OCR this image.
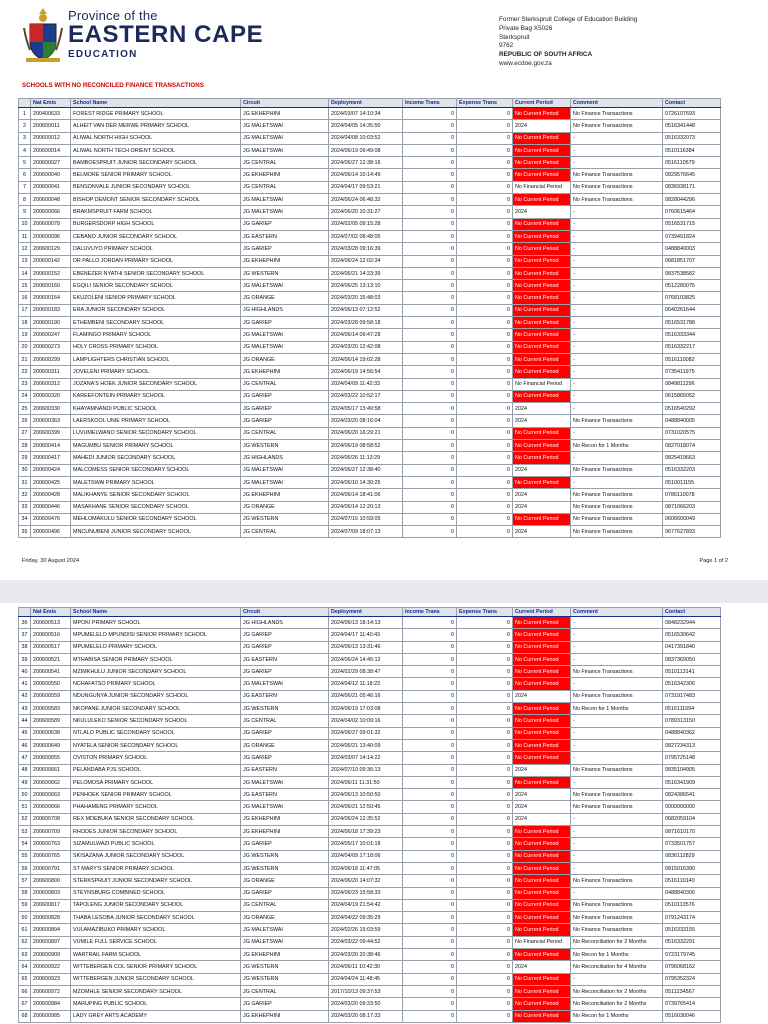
Province of the
EASTERN CAPE
EDUCATION
Former Sterkspruit College of Education Building
Private Bag X5026
Sterkspruit
9762
REPUBLIC OF SOUTH AFRICA
www.ecdoe.gov.za
SCHOOLS WITH NO RECONCILED FINANCE TRANSACTIONS
	Nat Emis	School Name	Circuit	Deployment	Income Trans	Expense Trans	Current Period	Comment	Contact
1	200400633	FOREST RIDGE PRIMARY SCHOOL	JG EKHEPHINI	2024/03/07 14:10:34	0	0	No Current Period	No Finance Transactions	0726107693
2	200600011	ALHEIT VAN DER MERWE PRIMARY SCHOOL	JG MALETSWAI	2024/04/05 14:35:50	0	0	2024	No Finance Transactions	0516341448
3	200600012	ALIWAL NORTH HIGH SCHOOL	JG MALETSWAI	2024/04/08 10:03:52	0	0	No Current Period	-	0516332073
4	200600014	ALIWAL NORTH TECH ORIENT SCHOOL	JG MALETSWAI	2024/06/19 09:49:08	0	0	No Current Period	-	0510116384
5	200600027	BAMBOESPRUIT JUNIOR SECONDARY SCHOOL	JG CENTRAL	2024/06/27 12:38:16	0	0	No Current Period	-	0516110579
6	200600040	BELMORE SENIOR PRIMARY SCHOOL	JG EKHEPHINI	2024/06/14 10:14:49	0	0	No Current Period	No Finance Transactions	0829576645
7	200600041	BENSONVALE JUNIOR SECONDARY SCHOOL	JG CENTRAL	2024/04/17 09:53:21	0	0	No Financial Period	No Finance Transactions	0836938171
8	200600048	BISHOP DEMONT SENIOR SECONDARY SCHOOL	JG MALETSWAI	2024/06/24 06:48:32	0	0	No Current Period	No Finance Transactions	0828044296
9	200600066	BRAKMSPRUIT FARM SCHOOL	JG MALETSWAI	2024/06/20 10:31:27	0	0	2024	-	0760615464
10	200600078	BURGERSDORP HIGH SCHOOL	JG GARIEP	2024/02/05 09:15:28	0	0	No Current Period	-	0516531715
11	200600096	CEBANO JUNIOR SECONDARY SCHOOL	JG EASTERN	2024/07/02 08:48:05	0	0	No Current Period	-	0739491824
12	200600129	DALUVUYO PRIMARY SCHOOL	JG GARIEP	2024/03/28 09:16:39	0	0	No Current Period	-	0488840003
13	200600142	DR PALLO JORDAN PRIMARY SCHOOL	JG EKHEPHINI	2024/06/24 12:02:34	0	0	No Current Period	-	0681851707
14	200600152	EBENEZER NYATHI SENIOR SECONDARY SCHOOL	JG WESTERN	2024/06/21 14:23:39	0	0	No Current Period	-	0837538582
15	200600160	EGQILI SENIOR SECONDARY SCHOOL	JG MALETSWAI	2024/06/25 13:13:10	0	0	No Current Period	-	0512280075
16	200600164	EKUZOLENI SENIOR PRIMARY SCHOOL	JG ORANGE	2024/03/20 15:48:03	0	0	No Current Period	-	0768103825
17	200600183	ERA JUNIOR SECONDARY SCHOOL	JG HIGHLANDS	2024/06/13 07:12:52	0	0	No Current Period	-	0640261644
18	200600190	ETHEMBENI SECONDARY SCHOOL	JG GARIEP	2024/03/28 09:58:18	0	0	No Current Period	-	0516531788
19	200600247	FLAMINGO PRIMARY SCHOOL	JG MALETSWAI	2024/06/14 09:47:28	0	0	No Current Period	-	0516333344
20	200600273	HOLY CROSS PRIMARY SCHOOL	JG MALETSWAI	2024/03/20 12:42:08	0	0	No Current Period	-	0516332217
21	200600299	LAMPLIGHTERS CHRISTIAN SCHOOL	JG ORANGE	2024/06/14 19:02:28	0	0	No Current Period	-	0516110082
22	200600311	JOVELENI PRIMARY SCHOOL	JG EKHEPHINI	2024/06/19 14:56:54	0	0	No Current Period	-	0735411975
23	200600312	JOZANA'S HOEK JUNIOR SECONDARY SCHOOL	JG CENTRAL	2024/04/09 11:42:33	0	0	No Financial Period	-	0849811296
24	200600320	KAREEFONTEIN PRIMARY SCHOOL	JG GARIEP	2024/03/22 10:52:17	0	0	No Current Period	-	0615865052
25	200600330	KHAYAMNANDI PUBLIC SCHOOL	JG GARIEP	2024/05/17 13:49:58	0	0	2024	-	0516540292
26	200600363	LAERSKOOL UNIE PRIMARY SCHOOL	JG GARIEP	2024/03/20 08:16:04	0	0	2024	No Finance Transactions	0488840005
27	200600399	LUVUMELWANO SENIOR SECONDARY SCHOOL	JG CENTRAL	2024/06/20 16:29:21	0	0	No Current Period	-	0731020575
28	200600414	MAGUMBU SENIOR PRIMARY SCHOOL	JG WESTERN	2024/06/19 08:58:52	0	0	No Current Period	No Recon for 1 Months	0827018074
29	200600417	MAHEDI JUNIOR SECONDARY SCHOOL	JG HIGHLANDS	2024/06/26 11:13:29	0	0	No Current Period	-	0825419663
30	200600424	MALCOMESS SENIOR SECONDARY SCHOOL	JG MALETSWAI	2024/06/27 12:38:40	0	0	2024	No Finance Transactions	0516332203
31	200600425	MALETSWAI PRIMARY SCHOOL	JG MALETSWAI	2024/06/10 14:30:25	0	0	No Current Period	-	0510011155
32	200600428	MALIKHANYE SENIOR SECONDARY SCHOOL	JG EKHEPHINI	2024/06/14 18:41:06	0	0	2024	No Finance Transactions	0786110078
33	200600446	MASAKHANE SENIOR SECONDARY SCHOOL	JG ORANGE	2024/06/14 12:20:13	0	0	2024	No Finance Transactions	0871066203
34	200600476	MEHLOMAKULU SENIOR SECONDARY SCHOOL	JG WESTERN	2024/07/16 10:59:05	0	0	No Current Period	No Finance Transactions	0606600049
35	200600496	MNCUNUBENI JUNIOR SECONDARY SCHOOL	JG CENTRAL	2024/07/09 18:07:13	0	0	2024	No Finance Transactions	0677627893
Friday, 30 August 2024	Page 1 of 2
	Nat Emis	School Name	Circuit	Deployment	Income Trans	Expense Trans	Current Period	Comment	Contact
36	200600513	MPOKI PRIMARY SCHOOL	JG HIGHLANDS	2024/06/13 18:14:13	0	0	No Current Period	-	0848232944
37	200600516	MPUMELELO MPUNDISI SENIOR PRIMARY SCHOOL	JG GARIEP	2024/04/17 11:40:43	0	0	No Current Period	-	0516530642
38	200600517	MPUMELELO PRIMARY SCHOOL	JG GARIEP	2024/06/13 13:31:46	0	0	No Current Period	-	0417391840
39	200600521	MTHABISA SENIOR PRIMARY SCHOOL	JG EASTERN	2024/06/24 14:45:12	0	0	No Current Period	-	0837369050
40	200600541	MZIMKHULU JUNIOR SECONDARY SCHOOL	JG GARIEP	2024/02/29 08:38:47	0	0	No Current Period	No Finance Transactions	0510113141
41	200600550	NCHAFATSO PRIMARY SCHOOL	JG MALETSWAI	2024/04/12 11:18:23	0	0	No Current Period	-	0516342306
42	200600559	NDUNGUNYA JUNIOR SECONDARY SCHOOL	JG EASTERN	2024/06/21 05:46:16	0	0	2024	No Finance Transactions	0731917483
43	200600583	NKOPANE JUNIOR SECONDARY SCHOOL	JG WESTERN	2024/06/19 17:03:08	0	0	No Current Period	No Recon for 1 Months	0516111694
44	200600589	NKULULEKO SENIOR SECONDARY SCHOOL	JG CENTRAL	2024/04/02 10:09:16	0	0	No Current Period	-	0789313150
45	200600638	NTLALO PUBLIC SECONDARY SCHOOL	JG GARIEP	2024/06/27 09:01:32	0	0	No Current Period	-	0488840362
46	200600649	NYATELA SENIOR SECONDARY SCHOOL	JG ORANGE	2024/06/21 13:40:09	0	0	No Current Period	-	0827234313
47	200600655	OVISTON PRIMARY SCHOOL	JG GARIEP	2024/03/07 14:14:22	0	0	No Current Period	-	0795725148
48	200600661	PELANDABA PJS SCHOOL	JG EASTERN	2024/07/10 09:36:13	0	0	2024	No Finance Transactions	0835104905
49	200600662	PELOMOSA PRIMARY SCHOOL	JG MALETSWAI	2024/06/11 11:31:50	0	0	No Current Period	-	0516341909
50	200600663	PENHOEK SENIOR PRIMARY SCHOOL	JG EASTERN	2024/06/13 10:50:50	0	0	2024	No Finance Transactions	0824386541
51	200600666	PHAHAMENG PRIMARY SCHOOL	JG MALETSWAI	2024/06/21 12:50:45	0	0	2024	No Finance Transactions	0000000000
52	200600708	REX MDEBUKA SENIOR SECONDARY SCHOOL	JG EKHEPHINI	2024/06/24 12:35:52	0	0	2024	-	0682059104
53	200600709	RHODES JUNIOR SECONDARY SCHOOL	JG EKHEPHINI	2024/06/18 17:39:23	0	0	No Current Period	-	0871610170
54	200600763	SIZAMULWAZI PUBLIC SCHOOL	JG GARIEP	2024/05/17 10:01:18	0	0	No Current Period	-	0733501757
55	200600765	SKISAZANA JUNIOR SECONDARY SCHOOL	JG WESTERN	2024/04/09 17:18:06	0	0	No Current Period	-	0836112829
56	200600791	ST MARY'S SENIOR PRIMARY SCHOOL	JG WESTERN	2024/06/18 11:47:05	0	0	No Current Period	-	0815016390
57	200600800	STERKSPRUIT JUNIOR SECONDARY SCHOOL	JG ORANGE	2024/06/20 14:07:32	0	0	No Current Period	No Finance Transactions	0516110140
58	200600803	STEYNSBURG COMBINED SCHOOL	JG GARIEP	2024/06/23 15:58:33	0	0	No Current Period	-	0488840306
59	200600817	TAPOLENG JUNIOR SECONDARY SCHOOL	JG CENTRAL	2024/04/19 21:54:42	0	0	No Current Period	No Finance Transactions	0510113576
60	200600828	THABA LESOBA JUNIOR SECONDARY SCHOOL	JG ORANGE	2024/04/22 09:35:29	0	0	No Current Period	No Finance Transactions	0791243174
61	200600894	VULAMAZIBUKO PRIMARY SCHOOL	JG MALETSWAI	2024/02/26 15:03:59	0	0	No Current Period	No Finance Transactions	0516333155
62	200600897	VUMILE FULL SERVICE SCHOOL	JG MALETSWAI	2024/03/22 09:44:52	0	0	No Financial Period	No Reconciliation for 2 Months	0516332291
63	200600909	WARTRAIL FARM SCHOOL	JG EKHEPHINI	2024/03/20 20:38:46	0	0	No Current Period	No Recon for 1 Months	0723179745
64	200600922	WITTEBERGEN COL SENIOR PRIMARY SCHOOL	JG WESTERN	2024/06/11 10:42:30	0	0	2024	No Reconciliation for 4 Months	0796068162
65	200600923	WITTEBERGEN JUNIOR SECONDARY SCHOOL	JG WESTERN	2024/04/24 11:48:45	0	0	No Current Period	-	0795352324
66	200600972	MZOMHLE SENIOR SECONDARY SCHOOL	JG CENTRAL	2017/10/13 09:37:53	0	0	No Current Period	No Reconciliation for 2 Months	0511234567
67	200600984	MARUPING PUBLIC SCHOOL	JG GARIEP	2024/03/20 09:33:50	0	0	No Current Period	No Reconciliation for 2 Months	0739765414
68	200600985	LADY GREY ARTS ACADEMY	JG EKHEPHINI	2024/03/20 08:17:33	0	0	No Current Period	No Recon for 1 Months	0516030046
